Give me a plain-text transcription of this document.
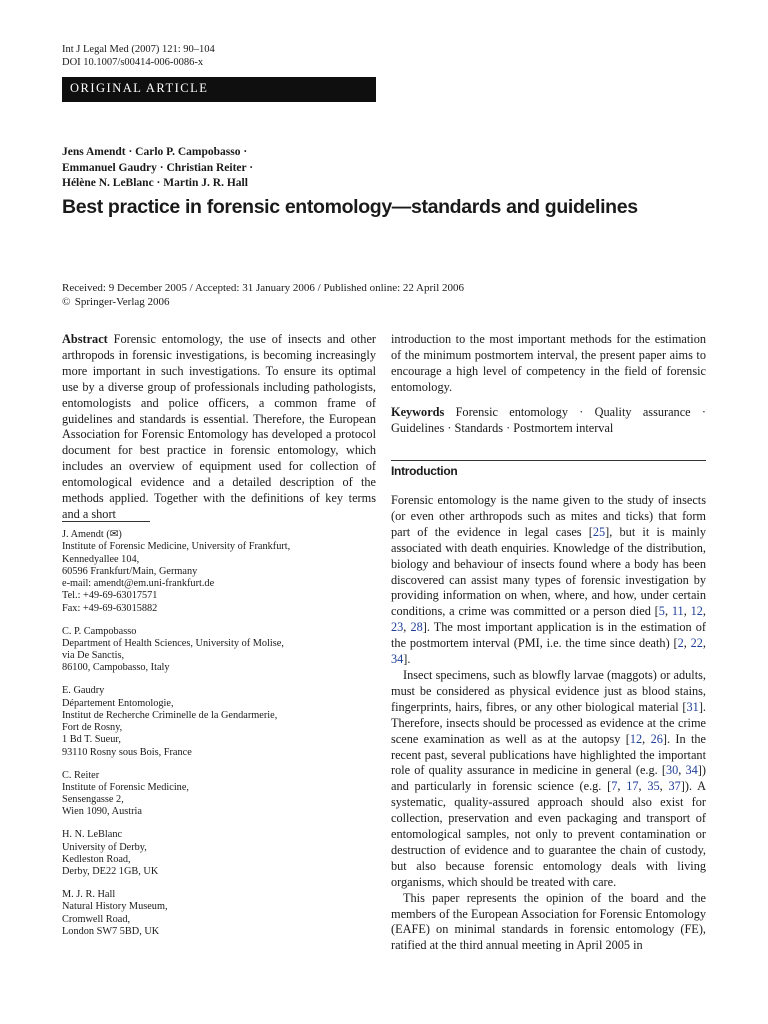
Int J Legal Med (2007) 121: 90–104
DOI 10.1007/s00414-006-0086-x
ORIGINAL ARTICLE
Jens Amendt · Carlo P. Campobasso ·
Emmanuel Gaudry · Christian Reiter ·
Hélène N. LeBlanc · Martin J. R. Hall
Best practice in forensic entomology—standards and guidelines
Received: 9 December 2005 / Accepted: 31 January 2006 / Published online: 22 April 2006
© Springer-Verlag 2006
Abstract Forensic entomology, the use of insects and other arthropods in forensic investigations, is becoming increasingly more important in such investigations. To ensure its optimal use by a diverse group of professionals including pathologists, entomologists and police officers, a common frame of guidelines and standards is essential. Therefore, the European Association for Forensic Entomology has developed a protocol document for best practice in forensic entomology, which includes an overview of equipment used for collection of entomological evidence and a detailed description of the methods applied. Together with the definitions of key terms and a short
J. Amendt (✉)
Institute of Forensic Medicine, University of Frankfurt,
Kennedyallee 104,
60596 Frankfurt/Main, Germany
e-mail: amendt@em.uni-frankfurt.de
Tel.: +49-69-63017571
Fax: +49-69-63015882
C. P. Campobasso
Department of Health Sciences, University of Molise,
via De Sanctis,
86100, Campobasso, Italy
E. Gaudry
Département Entomologie,
Institut de Recherche Criminelle de la Gendarmerie,
Fort de Rosny,
1 Bd T. Sueur,
93110 Rosny sous Bois, France
C. Reiter
Institute of Forensic Medicine,
Sensengasse 2,
Wien 1090, Austria
H. N. LeBlanc
University of Derby,
Kedleston Road,
Derby, DE22 1GB, UK
M. J. R. Hall
Natural History Museum,
Cromwell Road,
London SW7 5BD, UK
introduction to the most important methods for the estimation of the minimum postmortem interval, the present paper aims to encourage a high level of competency in the field of forensic entomology.
Keywords Forensic entomology · Quality assurance · Guidelines · Standards · Postmortem interval
Introduction

Forensic entomology is the name given to the study of insects (or even other arthropods such as mites and ticks) that form part of the evidence in legal cases [25], but it is mainly associated with death enquiries. Knowledge of the distribution, biology and behaviour of insects found where a body has been discovered can assist many types of forensic investigation by providing information on when, where, and how, under certain conditions, a crime was committed or a person died [5, 11, 12, 23, 28]. The most important application is in the estimation of the postmortem interval (PMI, i.e. the time since death) [2, 22, 34].

Insect specimens, such as blowfly larvae (maggots) or adults, must be considered as physical evidence just as blood stains, fingerprints, hairs, fibres, or any other biological material [31]. Therefore, insects should be processed as evidence at the crime scene examination as well as at the autopsy [12, 26]. In the recent past, several publications have highlighted the important role of quality assurance in medicine in general (e.g. [30, 34]) and particularly in forensic science (e.g. [7, 17, 35, 37]). A systematic, quality-assured approach should also exist for collection, preservation and even packaging and transport of entomological samples, not only to prevent contamination or destruction of evidence and to guarantee the chain of custody, but also because forensic entomology deals with living organisms, which should be treated with care.

This paper represents the opinion of the board and the members of the European Association for Forensic Entomology (EAFE) on minimal standards in forensic entomology (FE), ratified at the third annual meeting in April 2005 in
